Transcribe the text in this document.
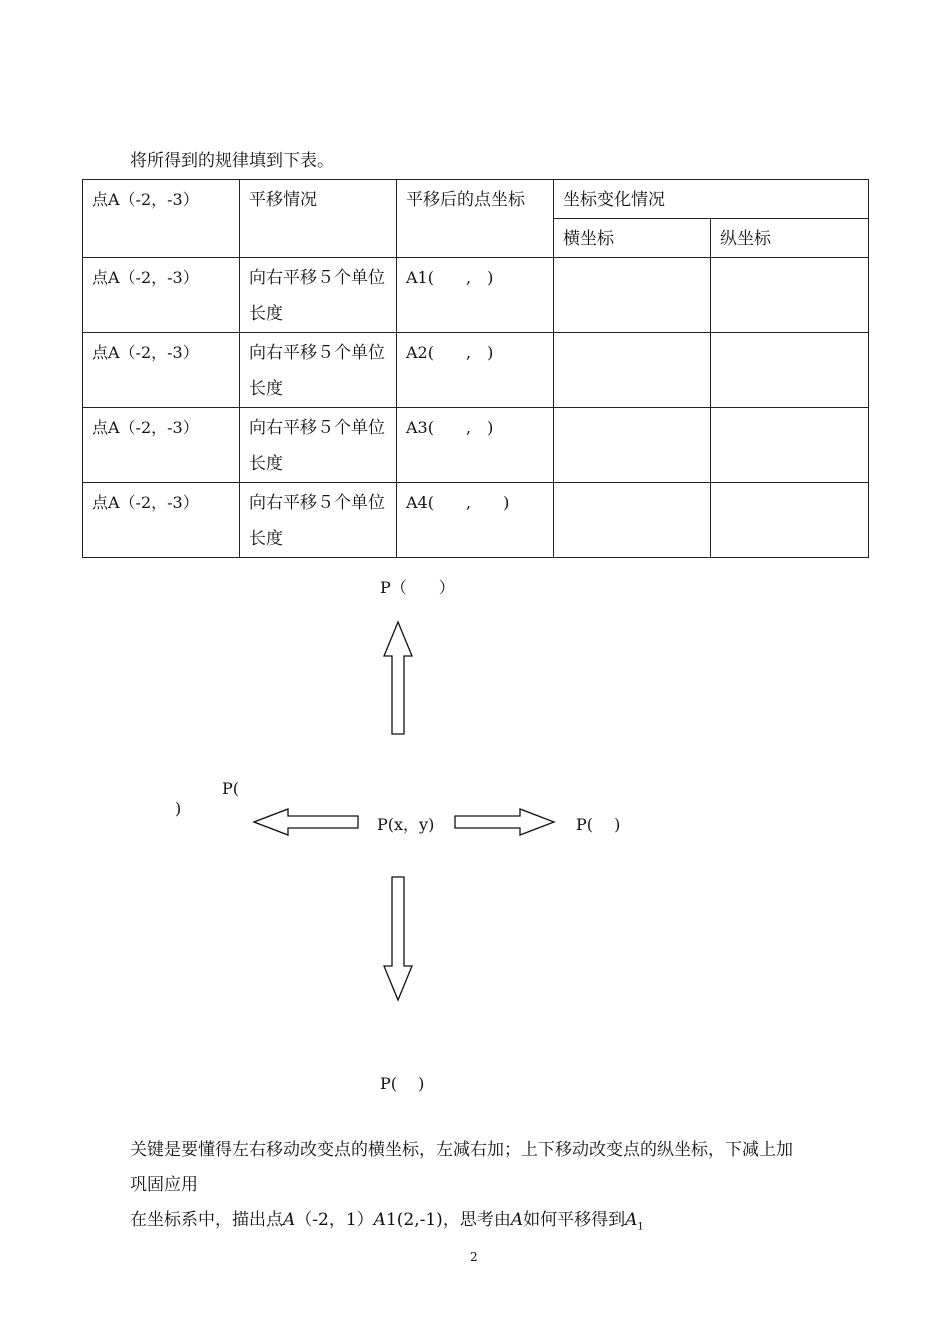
将所得到的规律填到下表。
点A（-2，-3）	平移情况	平移后的点坐标	坐标变化情况	
			横坐标	纵坐标
点A（-2，-3）	向右平移５个单位长度	A1(　　,　)		
点A（-2，-3）	向右平移５个单位长度	A2(　　,　)		
点A（-2，-3）	向右平移５个单位长度	A3(　　,　)		
点A（-2，-3）	向右平移５个单位长度	A4(　　,　　)		
P（　　）
P(
)
P(x，y)	P(　 )
P(　 )
关键是要懂得左右移动改变点的横坐标，左减右加；上下移动改变点的纵坐标，下减上加
巩固应用
在坐标系中，描出点A（-2，1）A1(2,-1)，思考由A如何平移得到$A_1$
2
